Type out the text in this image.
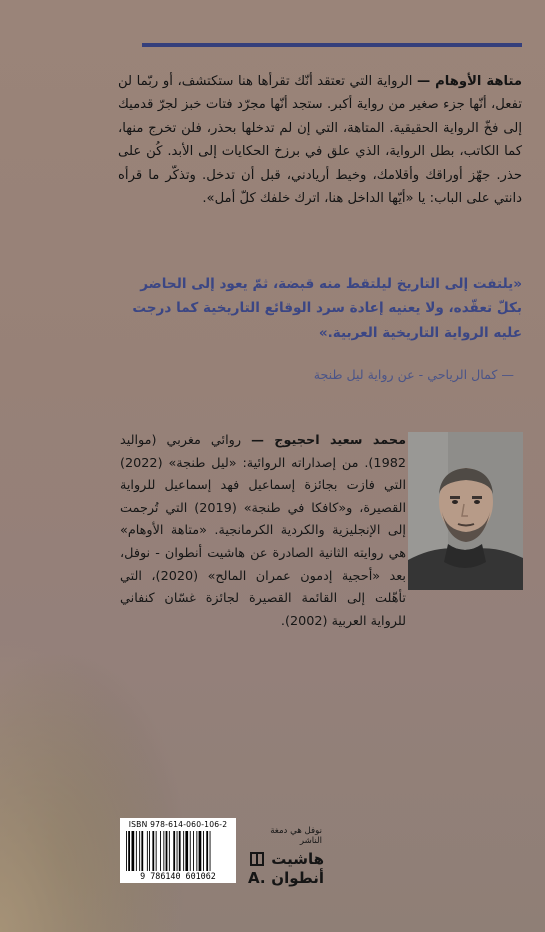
متاهة الأوهام — الرواية التي تعتقد أنّك تقرأها هنا ستكتشف، أو ربّما لن تفعل، أنّها جزء صغير من رواية أكبر. ستجد أنّها مجرّد فتات خبز لجرّ قدميك إلى فخّ الرواية الحقيقية. المتاهة، التي إن لم تدخلها بحذر، فلن تخرج منها، كما الكاتب، بطل الرواية، الذي علق في برزخ الحكايات إلى الأبد. كُن على حذر. جهّز أوراقك وأقلامك، وخيط أريادني، قبل أن تدخل. وتذكّر ما قرأه دانتي على الباب: يا «أيّها الداخل هنا، اترك خلفك كلّ أمل».
«يلتفت إلى التاريخ ليلتقط منه قبضة، ثمّ يعود إلى الحاضر بكلّ تعقّده، ولا يعنيه إعادة سرد الوقائع التاريخية كما درجت عليه الرواية التاريخية العربية.»
— كمال الرياحي - عن رواية ليل طنجة
محمد سعيد احجيوج — روائي مغربي (مواليد 1982). من إصداراته الروائية: «ليل طنجة» (2022) التي فازت بجائزة إسماعيل فهد إسماعيل للرواية القصيرة، و«كافكا في طنجة» (2019) التي تُرجمت إلى الإنجليزية والكردية الكرمانجية. «متاهة الأوهام» هي روايته الثانية الصادرة عن هاشيت أنطوان - نوفل، بعد «أحجية إدمون عمران المالح» (2020)، التي تأهّلت إلى القائمة القصيرة لجائزة غسّان كنفاني للرواية العربية (2002).
ISBN 978-614-060-106-2
9 786140 601062
نوفل هي دمغة الناشر
هاشيت
أنطوان
A.
